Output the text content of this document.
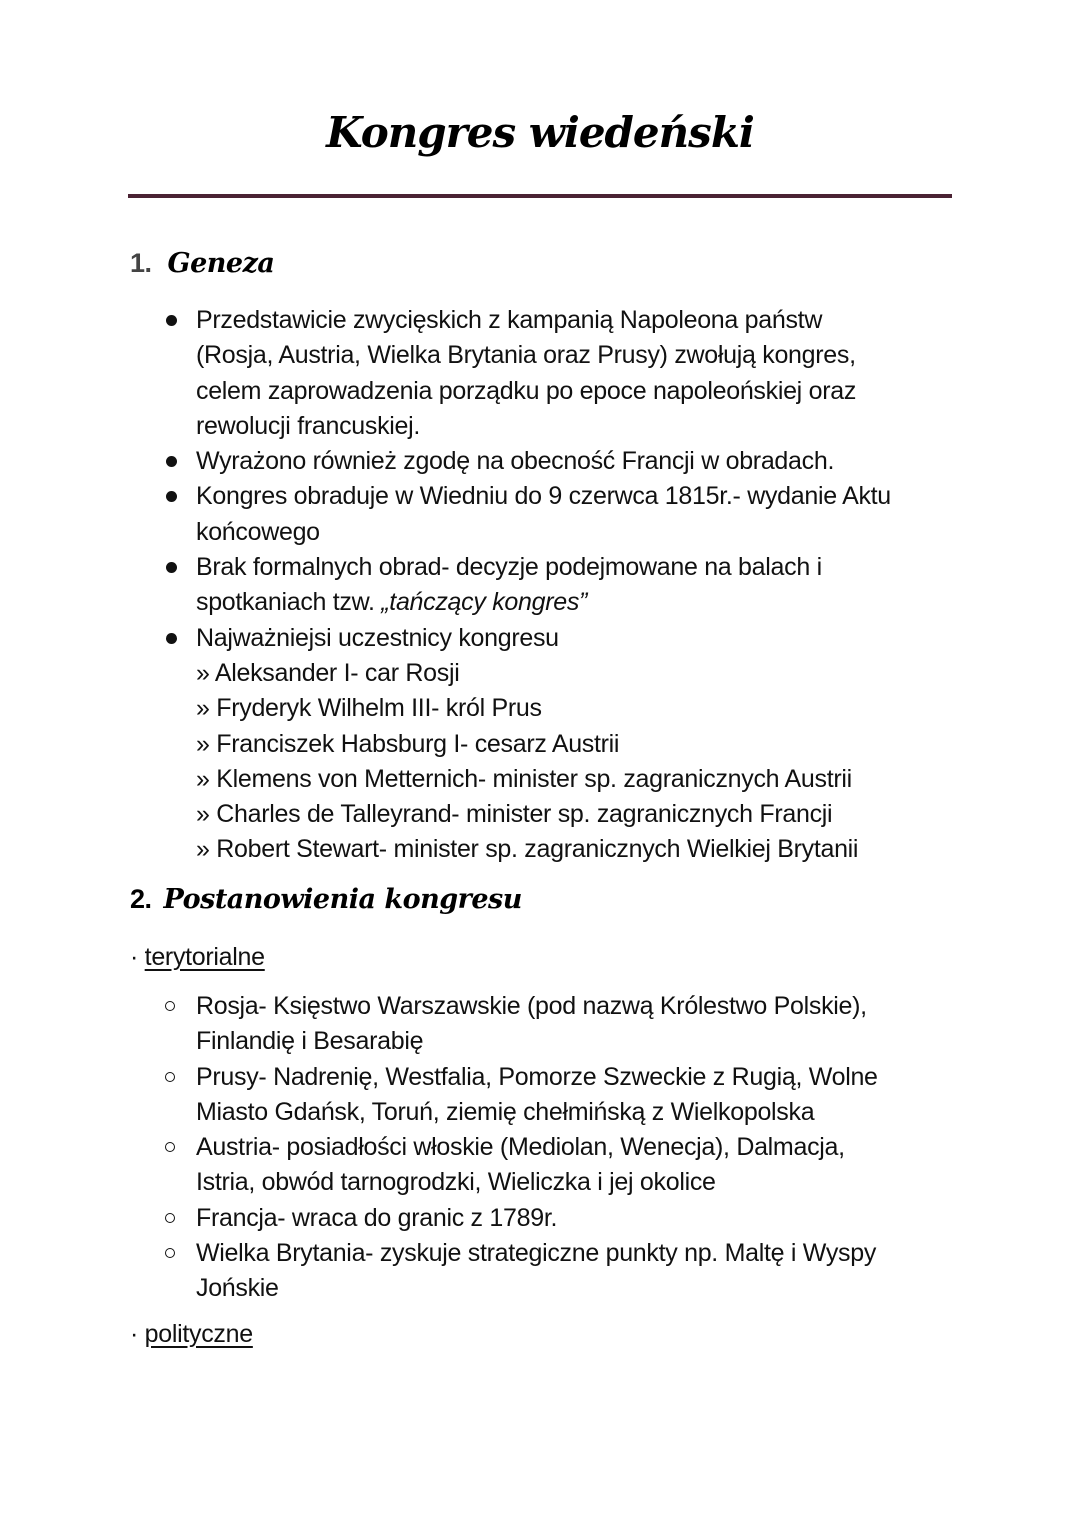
Kongres wiedeński
1. Geneza
Przedstawicie zwycięskich z kampanią Napoleona państw
(Rosja, Austria, Wielka Brytania oraz Prusy) zwołują kongres,
celem zaprowadzenia porządku po epoce napoleońskiej oraz
rewolucji francuskiej.
Wyrażono również zgodę na obecność Francji w obradach.
Kongres obraduje w Wiedniu do 9 czerwca 1815r.- wydanie Aktu
końcowego
Brak formalnych obrad- decyzje podejmowane na balach i
spotkaniach tzw. „tańczący kongres”
Najważniejsi uczestnicy kongresu
» Aleksander I- car Rosji
» Fryderyk Wilhelm III- król Prus
» Franciszek Habsburg I- cesarz Austrii
» Klemens von Metternich- minister sp. zagranicznych Austrii
» Charles de Talleyrand- minister sp. zagranicznych Francji
» Robert Stewart- minister sp. zagranicznych Wielkiej Brytanii
2. Postanowienia kongresu
· terytorialne
Rosja- Księstwo Warszawskie (pod nazwą Królestwo Polskie),
Finlandię i Besarabię
Prusy- Nadrenię, Westfalia, Pomorze Szweckie z Rugią, Wolne
Miasto Gdańsk, Toruń, ziemię chełmińską z Wielkopolska
Austria- posiadłości włoskie (Mediolan, Wenecja), Dalmacja,
Istria, obwód tarnogrodzki, Wieliczka i jej okolice
Francja- wraca do granic z 1789r.
Wielka Brytania- zyskuje strategiczne punkty np. Maltę i Wyspy
Jońskie
· polityczne
